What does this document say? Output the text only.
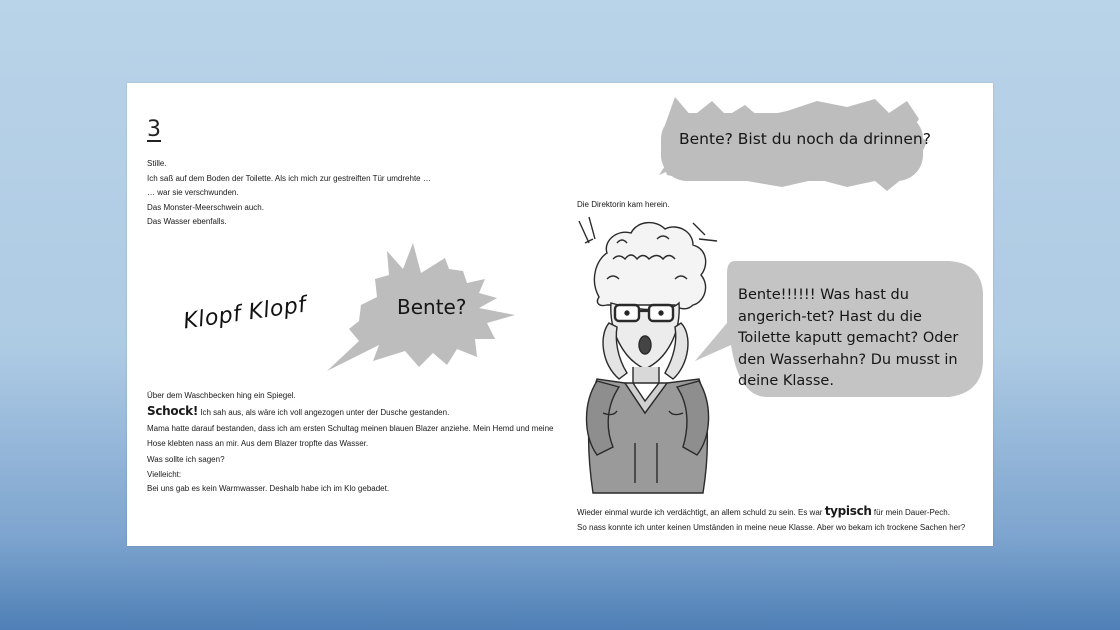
3

Stille.

Ich saß auf dem Boden der Toilette. Als ich mich zur gestreiften Tür umdrehte …

… war sie verschwunden.

Das Monster-Meerschwein auch.

Das Wasser ebenfalls.

Klopf Klopf	Bente?

Über dem Waschbecken hing ein Spiegel.

Schock! Ich sah aus, als wäre ich voll angezogen unter der Dusche gestanden.

Mama hatte darauf bestanden, dass ich am ersten Schultag meinen blauen Blazer anziehe. Mein Hemd und meine Hose klebten nass an mir. Aus dem Blazer tropfte das Wasser.

Was sollte ich sagen?

Vielleicht:

Bei uns gab es kein Warmwasser. Deshalb habe ich im Klo gebadet.

Bente? Bist du noch da drinnen?
Die Direktorin kam herein.
Bente!!!!!! Was hast du angerich-tet? Hast du die Toilette kaputt gemacht? Oder den Wasserhahn? Du musst in deine Klasse.

Wieder einmal wurde ich verdächtigt, an allem schuld zu sein. Es war typisch für mein Dauer-Pech.

So nass konnte ich unter keinen Umständen in meine neue Klasse. Aber wo bekam ich trockene Sachen her?
